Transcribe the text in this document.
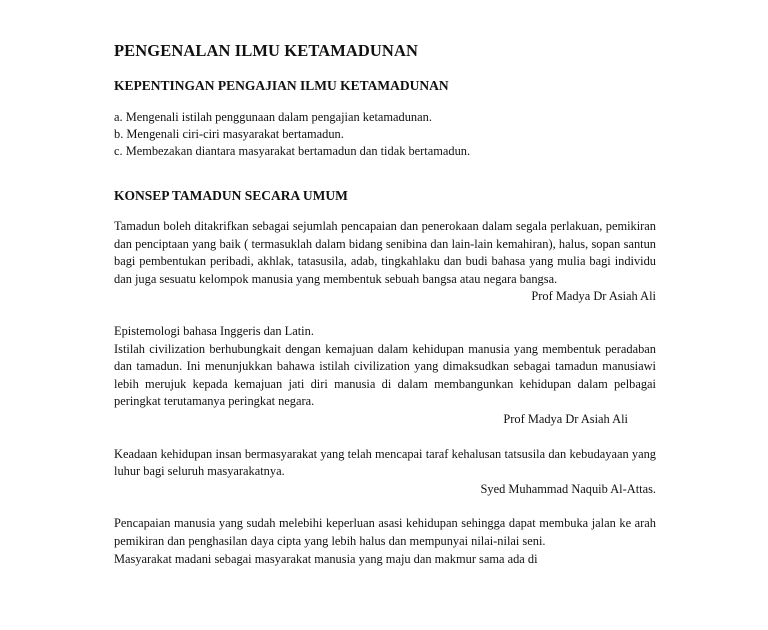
PENGENALAN ILMU KETAMADUNAN
KEPENTINGAN PENGAJIAN ILMU KETAMADUNAN
a. Mengenali istilah penggunaan dalam pengajian ketamadunan.
b. Mengenali ciri-ciri masyarakat bertamadun.
c. Membezakan diantara masyarakat bertamadun dan tidak bertamadun.
KONSEP TAMADUN SECARA UMUM

Tamadun boleh ditakrifkan sebagai sejumlah pencapaian dan penerokaan dalam segala perlakuan, pemikiran dan penciptaan yang baik ( termasuklah dalam bidang senibina dan lain-lain kemahiran), halus, sopan santun bagi pembentukan peribadi, akhlak, tatasusila, adab, tingkahlaku dan budi bahasa yang mulia bagi individu dan juga sesuatu kelompok manusia yang membentuk sebuah bangsa atau negara bangsa.

Prof Madya Dr Asiah Ali
Epistemologi bahasa Inggeris dan Latin.

Istilah civilization berhubungkait dengan kemajuan dalam kehidupan manusia yang membentuk peradaban dan tamadun. Ini menunjukkan bahawa istilah civilization yang dimaksudkan sebagai tamadun manusiawi lebih merujuk kepada kemajuan jati diri manusia di dalam membangunkan kehidupan dalam pelbagai peringkat terutamanya peringkat negara.

Prof Madya Dr Asiah Ali

Keadaan kehidupan insan bermasyarakat yang telah mencapai taraf kehalusan tatsusila dan kebudayaan yang luhur bagi seluruh masyarakatnya.

Syed Muhammad Naquib Al-Attas.

Pencapaian manusia yang sudah melebihi keperluan asasi kehidupan sehingga dapat membuka jalan ke arah pemikiran dan penghasilan daya cipta yang lebih halus dan mempunyai nilai-nilai seni.

Masyarakat madani sebagai masyarakat manusia yang maju dan makmur sama ada di
